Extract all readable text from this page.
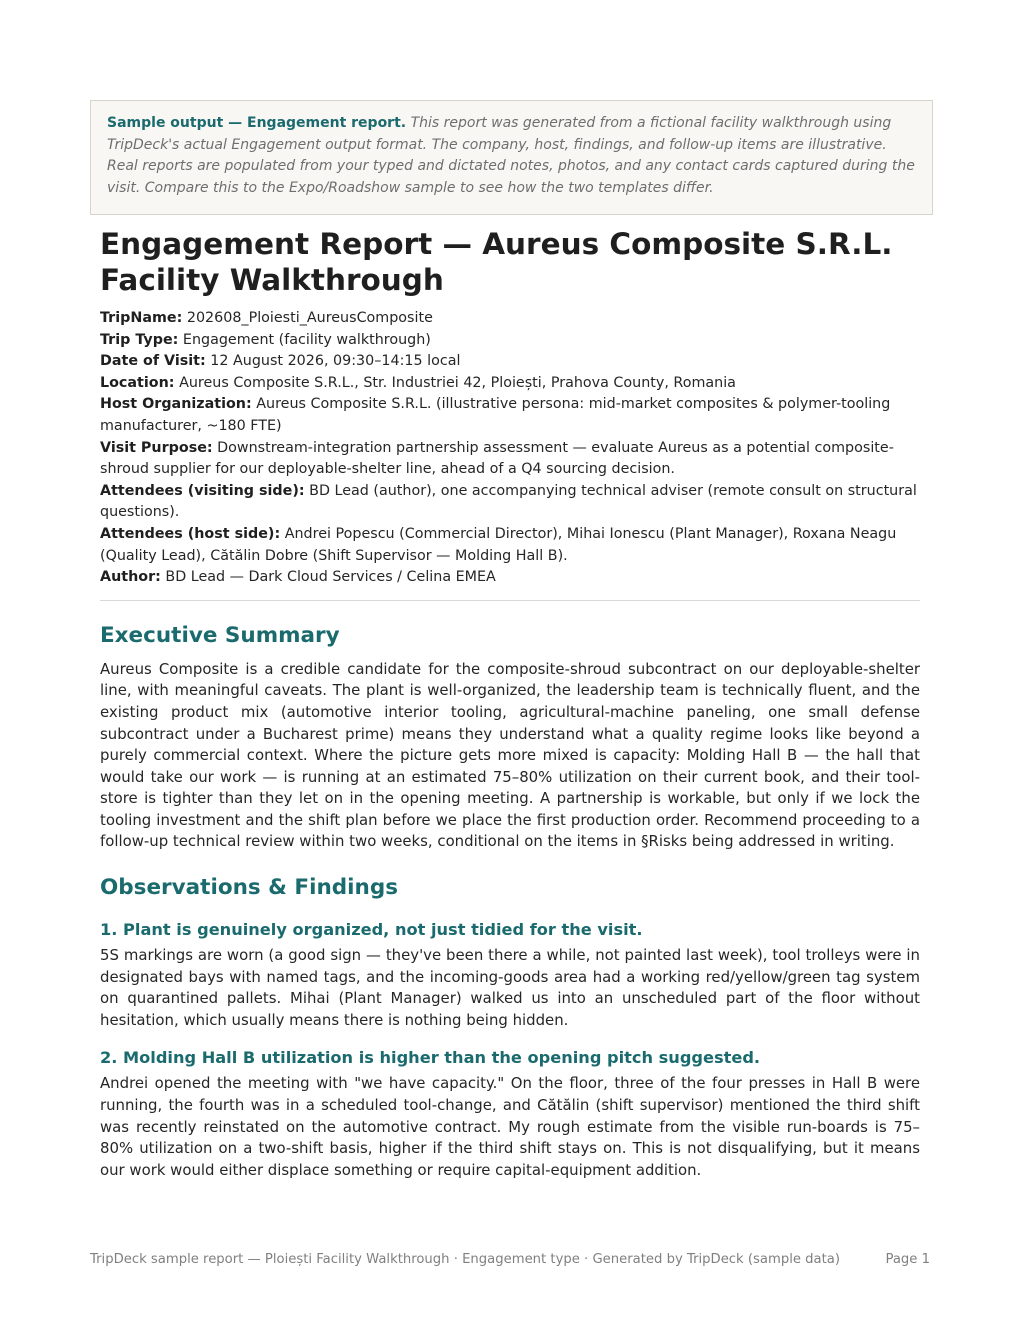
Sample output — Engagement report. This report was generated from a fictional facility walkthrough using TripDeck's actual Engagement output format. The company, host, findings, and follow-up items are illustrative. Real reports are populated from your typed and dictated notes, photos, and any contact cards captured during the visit. Compare this to the Expo/Roadshow sample to see how the two templates differ.
Engagement Report — Aureus Composite S.R.L. Facility Walkthrough
TripName: 202608_Ploiesti_AureusComposite
Trip Type: Engagement (facility walkthrough)
Date of Visit: 12 August 2026, 09:30–14:15 local
Location: Aureus Composite S.R.L., Str. Industriei 42, Ploiești, Prahova County, Romania
Host Organization: Aureus Composite S.R.L. (illustrative persona: mid-market composites & polymer-tooling manufacturer, ~180 FTE)
Visit Purpose: Downstream-integration partnership assessment — evaluate Aureus as a potential composite-shroud supplier for our deployable-shelter line, ahead of a Q4 sourcing decision.
Attendees (visiting side): BD Lead (author), one accompanying technical adviser (remote consult on structural questions).
Attendees (host side): Andrei Popescu (Commercial Director), Mihai Ionescu (Plant Manager), Roxana Neagu (Quality Lead), Cătălin Dobre (Shift Supervisor — Molding Hall B).
Author: BD Lead — Dark Cloud Services / Celina EMEA
Executive Summary

Aureus Composite is a credible candidate for the composite-shroud subcontract on our deployable-shelter line, with meaningful caveats. The plant is well-organized, the leadership team is technically fluent, and the existing product mix (automotive interior tooling, agricultural-machine paneling, one small defense subcontract under a Bucharest prime) means they understand what a quality regime looks like beyond a purely commercial context. Where the picture gets more mixed is capacity: Molding Hall B — the hall that would take our work — is running at an estimated 75–80% utilization on their current book, and their tool-store is tighter than they let on in the opening meeting. A partnership is workable, but only if we lock the tooling investment and the shift plan before we place the first production order. Recommend proceeding to a follow-up technical review within two weeks, conditional on the items in §Risks being addressed in writing.

Observations & Findings
1. Plant is genuinely organized, not just tidied for the visit.

5S markings are worn (a good sign — they've been there a while, not painted last week), tool trolleys were in designated bays with named tags, and the incoming-goods area had a working red/yellow/green tag system on quarantined pallets. Mihai (Plant Manager) walked us into an unscheduled part of the floor without hesitation, which usually means there is nothing being hidden.

2. Molding Hall B utilization is higher than the opening pitch suggested.

Andrei opened the meeting with "we have capacity." On the floor, three of the four presses in Hall B were running, the fourth was in a scheduled tool-change, and Cătălin (shift supervisor) mentioned the third shift was recently reinstated on the automotive contract. My rough estimate from the visible run-boards is 75–80% utilization on a two-shift basis, higher if the third shift stays on. This is not disqualifying, but it means our work would either displace something or require capital-equipment addition.

TripDeck sample report — Ploiești Facility Walkthrough · Engagement type · Generated by TripDeck (sample data)	Page 1
